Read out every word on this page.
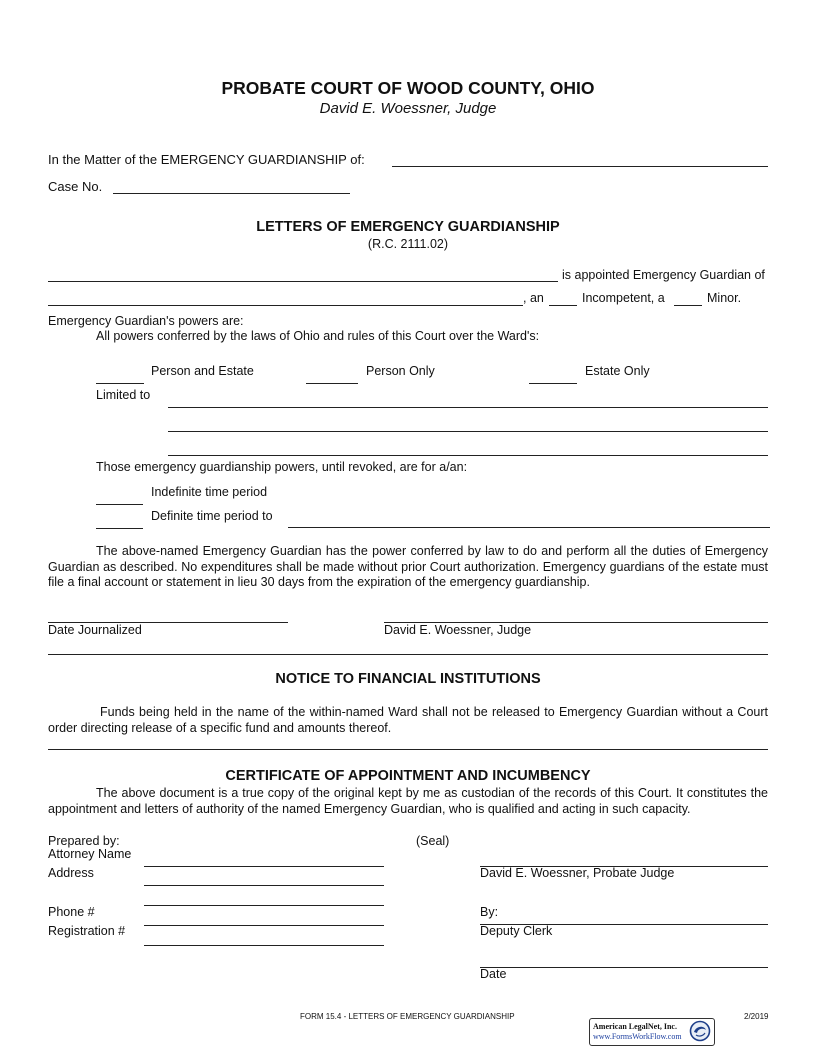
PROBATE COURT OF WOOD COUNTY, OHIO
David E. Woessner, Judge
In the Matter of the EMERGENCY GUARDIANSHIP of:
Case No.
LETTERS OF EMERGENCY GUARDIANSHIP
(R.C. 2111.02)
is appointed Emergency Guardian of
, an	Incompetent, a	Minor.
Emergency Guardian's powers are:
All powers conferred by the laws of Ohio and rules of this Court over the Ward's:
Person and Estate	Person Only	Estate Only
Limited to
Those emergency guardianship powers, until revoked, are for a/an:
Indefinite time period
Definite time period to
The above-named Emergency Guardian has the power conferred by law to do and perform all the duties of Emergency Guardian as described. No expenditures shall be made without prior Court authorization. Emergency guardians of the estate must file a final account or statement in lieu 30 days from the expiration of the emergency guardianship.
Date Journalized	David E. Woessner, Judge
NOTICE TO FINANCIAL INSTITUTIONS
Funds being held in the name of the within-named Ward shall not be released to Emergency Guardian without a Court order directing release of a specific fund and amounts thereof.
CERTIFICATE OF APPOINTMENT AND INCUMBENCY
The above document is a true copy of the original kept by me as custodian of the records of this Court. It constitutes the appointment and letters of authority of the named Emergency Guardian, who is qualified and acting in such capacity.
Prepared by:
Attorney Name
Address
Phone #
Registration #
(Seal)
David E. Woessner, Probate Judge
By:
Deputy Clerk
Date
FORM 15.4 - LETTERS OF EMERGENCY GUARDIANSHIP	2/2019
American LegalNet, Inc.
www.FormsWorkFlow.com
